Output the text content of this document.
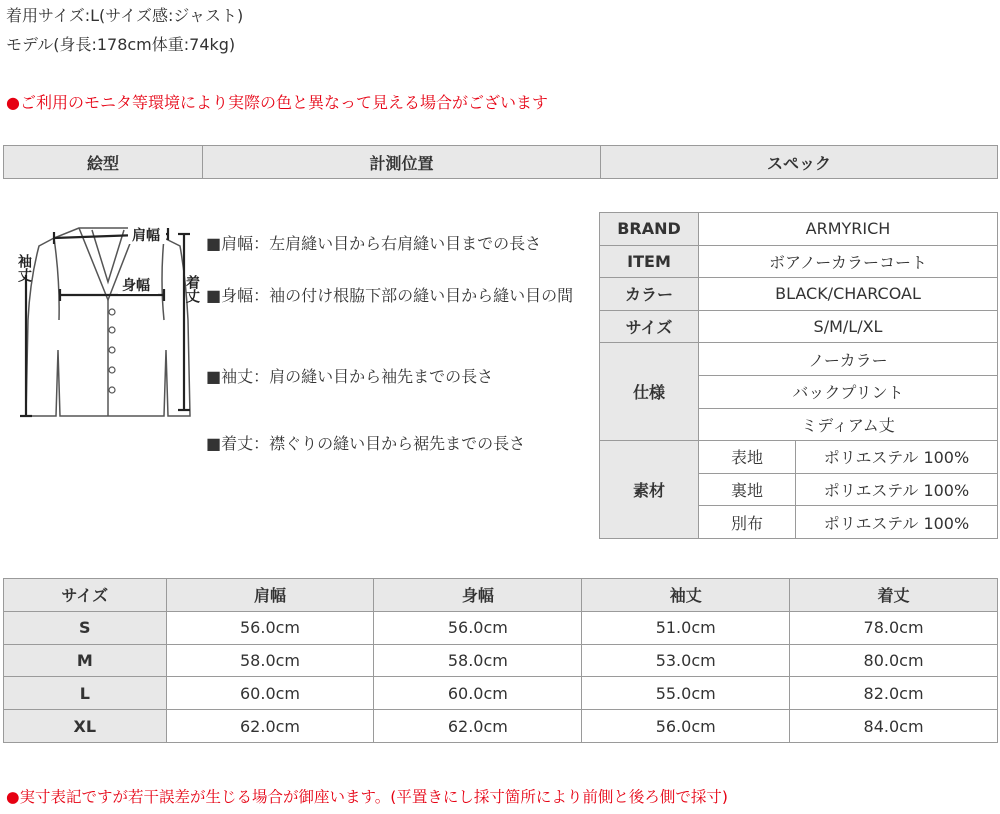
着用サイズ:L(サイズ感:ジャスト)
モデル(身長:178cm体重:74kg)
●ご利用のモニタ等環境により実際の色と異なって見える場合がございます
絵型	計測位置	スペック
肩幅
身幅
袖丈
着丈
■肩幅：左肩縫い目から右肩縫い目までの長さ
■身幅：袖の付け根脇下部の縫い目から縫い目の間
■袖丈：肩の縫い目から袖先までの長さ
■着丈：襟ぐりの縫い目から裾先までの長さ
BRAND	ARMYRICH	
ITEM	ボアノーカラーコート	
カラー	BLACK/CHARCOAL	
サイズ	S/M/L/XL	
仕様	ノーカラー	
	バックプリント	
	ミディアム丈	
素材	表地	ポリエステル 100%
	裏地	ポリエステル 100%
	別布	ポリエステル 100%
サイズ	肩幅	身幅	袖丈	着丈
S	56.0cm	56.0cm	51.0cm	78.0cm
M	58.0cm	58.0cm	53.0cm	80.0cm
L	60.0cm	60.0cm	55.0cm	82.0cm
XL	62.0cm	62.0cm	56.0cm	84.0cm
●実寸表記ですが若干誤差が生じる場合が御座います。(平置きにし採寸箇所により前側と後ろ側で採寸)
